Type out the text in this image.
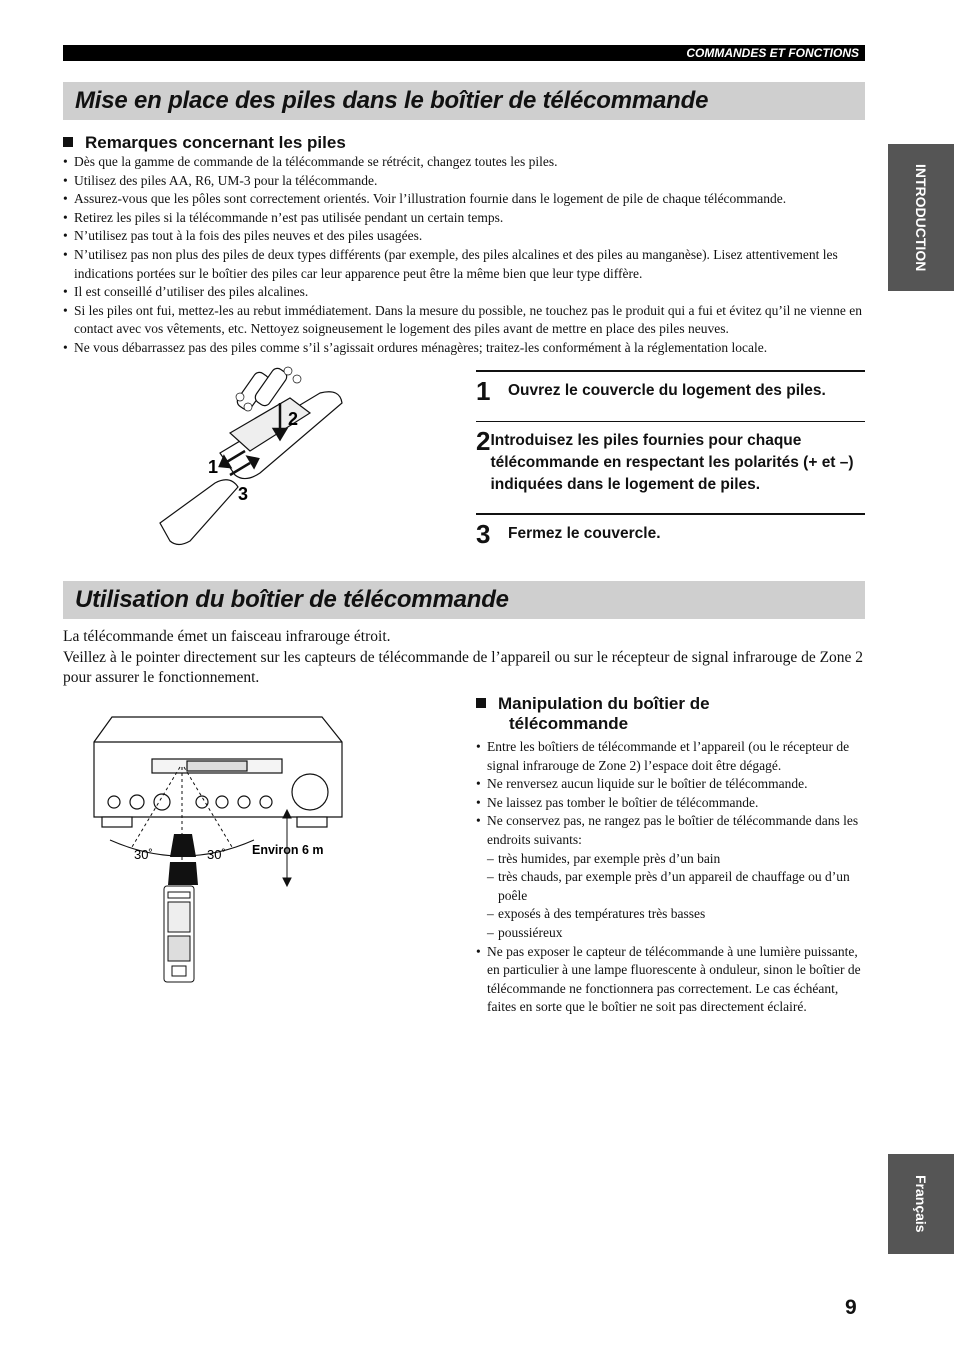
COMMANDES ET FONCTIONS
Mise en place des piles dans le boîtier de télécommande
Remarques concernant les piles
• Dès que la gamme de commande de la télécommande se rétrécit, changez toutes les piles.
• Utilisez des piles AA, R6, UM-3 pour la télécommande.
• Assurez-vous que les pôles sont correctement orientés. Voir l’illustration fournie dans le logement de pile de chaque télécommande.
• Retirez les piles si la télécommande n’est pas utilisée pendant un certain temps.
• N’utilisez pas tout à la fois des piles neuves et des piles usagées.
• N’utilisez pas non plus des piles de deux types différents (par exemple, des piles alcalines et des piles au manganèse). Lisez attentivement les indications portées sur le boîtier des piles car leur apparence peut être la même bien que leur type diffère.
• Il est conseillé d’utiliser des piles alcalines.
• Si les piles ont fui, mettez-les au rebut immédiatement. Dans la mesure du possible, ne touchez pas le produit qui a fui et évitez qu’il ne vienne en contact avec vos vêtements, etc. Nettoyez soigneusement le logement des piles avant de mettre en place des piles neuves.
• Ne vous débarrassez pas des piles comme s’il s’agissait ordures ménagères; traitez-les conformément à la réglementation locale.
1
2
3
1	Ouvrez le couvercle du logement des piles.
2 Introduisez les piles fournies pour chaque télécommande en respectant les polarités (+ et –) indiquées dans le logement de piles.
3	Fermez le couvercle.
Utilisation du boîtier de télécommande
La télécommande émet un faisceau infrarouge étroit.
Veillez à le pointer directement sur les capteurs de télécommande de l’appareil ou sur le récepteur de signal infrarouge de Zone 2 pour assurer le fonctionnement.
30˚	30˚ Environ 6 m
Manipulation du boîtier de
télécommande
• Entre les boîtiers de télécommande et l’appareil (ou le récepteur de signal infrarouge de Zone 2) l’espace doit être dégagé.
• Ne renversez aucun liquide sur le boîtier de télécommande.
• Ne laissez pas tomber le boîtier de télécommande.
• Ne conservez pas, ne rangez pas le boîtier de télécommande dans les endroits suivants:
– très humides, par exemple près d’un bain
– très chauds, par exemple près d’un appareil de chauffage ou d’un poêle
– exposés à des températures très basses
– poussiéreux
• Ne pas exposer le capteur de télécommande à une lumière puissante, en particulier à une lampe fluorescente à onduleur, sinon le boîtier de télécommande ne fonctionnera pas correctement. Le cas échéant, faites en sorte que le boîtier ne soit pas directement éclairé.
INTRODUCTION
Français
9
